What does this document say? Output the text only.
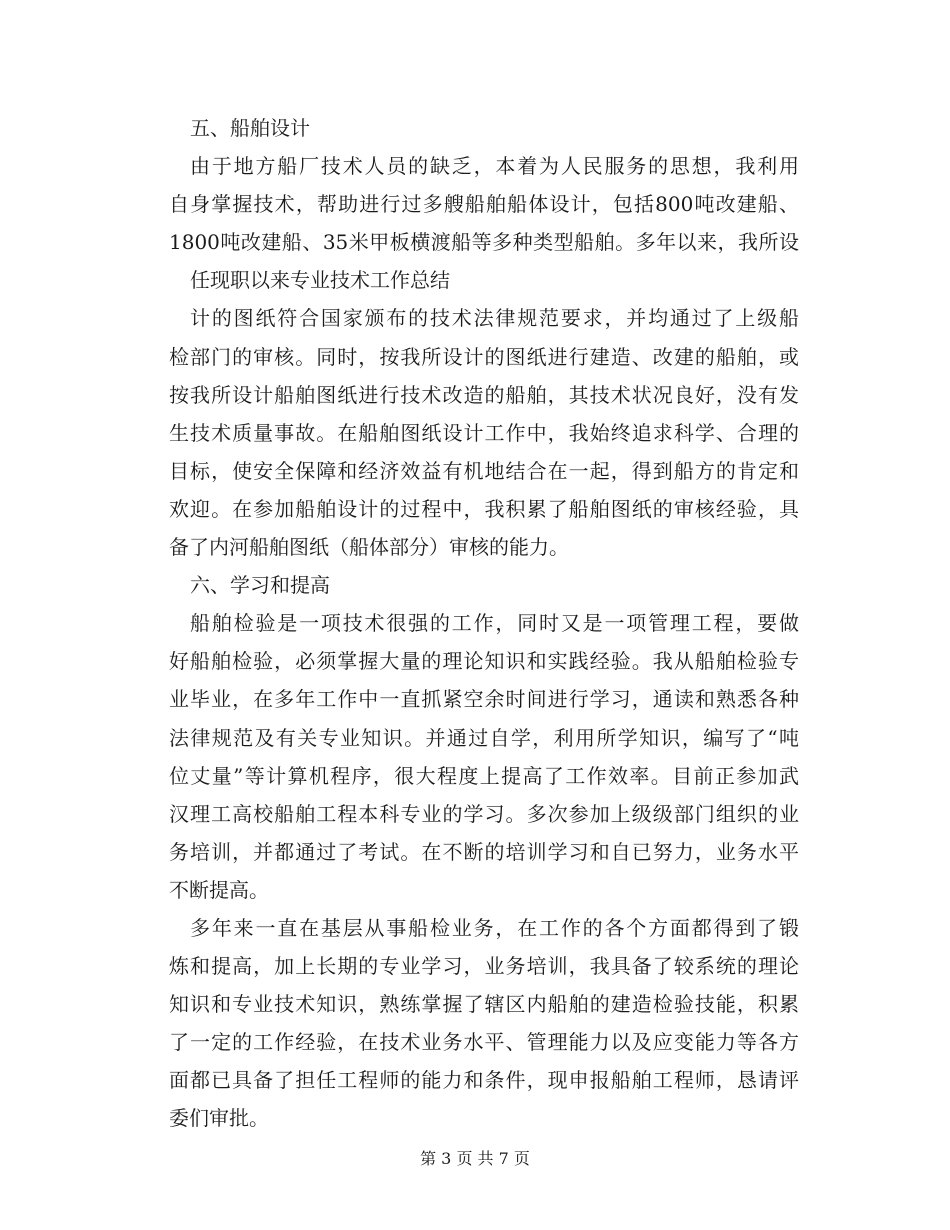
五、船舶设计
由于地方船厂技术人员的缺乏，本着为人民服务的思想，我利用
自身掌握技术，帮助进行过多艘船舶船体设计，包括800吨改建船、
1800吨改建船、35米甲板横渡船等多种类型船舶。多年以来，我所设
任现职以来专业技术工作总结
计的图纸符合国家颁布的技术法律规范要求，并均通过了上级船
检部门的审核。同时，按我所设计的图纸进行建造、改建的船舶，或
按我所设计船舶图纸进行技术改造的船舶，其技术状况良好，没有发
生技术质量事故。在船舶图纸设计工作中，我始终追求科学、合理的
目标，使安全保障和经济效益有机地结合在一起，得到船方的肯定和
欢迎。在参加船舶设计的过程中，我积累了船舶图纸的审核经验，具
备了内河船舶图纸（船体部分）审核的能力。
六、学习和提高
船舶检验是一项技术很强的工作，同时又是一项管理工程，要做
好船舶检验，必须掌握大量的理论知识和实践经验。我从船舶检验专
业毕业，在多年工作中一直抓紧空余时间进行学习，通读和熟悉各种
法律规范及有关专业知识。并通过自学，利用所学知识，编写了“吨
位丈量”等计算机程序，很大程度上提高了工作效率。目前正参加武
汉理工高校船舶工程本科专业的学习。多次参加上级级部门组织的业
务培训，并都通过了考试。在不断的培训学习和自已努力，业务水平
不断提高。
多年来一直在基层从事船检业务，在工作的各个方面都得到了锻
炼和提高，加上长期的专业学习，业务培训，我具备了较系统的理论
知识和专业技术知识，熟练掌握了辖区内船舶的建造检验技能，积累
了一定的工作经验，在技术业务水平、管理能力以及应变能力等各方
面都已具备了担任工程师的能力和条件，现申报船舶工程师，恳请评
委们审批。
第 3 页 共 7 页
